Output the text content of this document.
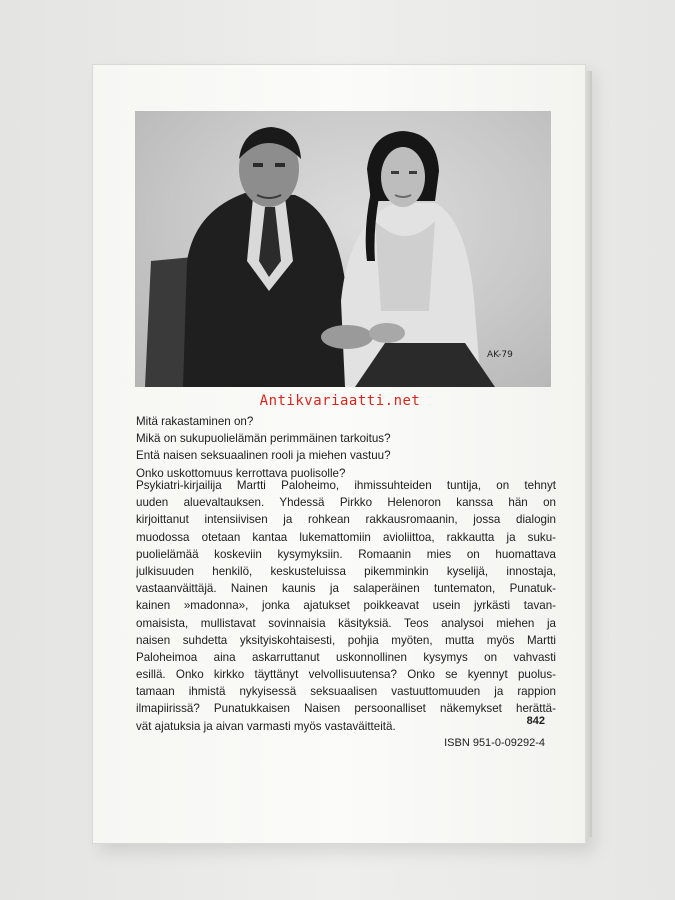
AK-79
Antikvariaatti.net
Mitä rakastaminen on?
Mikä on sukupuolielämän perimmäinen tarkoitus?
Entä naisen seksuaalinen rooli ja miehen vastuu?
Onko uskottomuus kerrottava puolisolle?
Psykiatri-kirjailija Martti Paloheimo, ihmissuhteiden tuntija, on tehnyt
uuden aluevaltauksen. Yhdessä Pirkko Helenoron kanssa hän on
kirjoittanut intensiivisen ja rohkean rakkausromaanin, jossa dialogin
muodossa otetaan kantaa lukemattomiin avioliittoa, rakkautta ja suku-
puolielämää koskeviin kysymyksiin. Romaanin mies on huomattava
julkisuuden henkilö, keskusteluissa pikemminkin kyselijä, innostaja,
vastaanväittäjä. Nainen kaunis ja salaperäinen tuntematon, Punatuk-
kainen »madonna», jonka ajatukset poikkeavat usein jyrkästi tavan-
omaisista, mullistavat sovinnaisia käsityksiä. Teos analysoi miehen ja
naisen suhdetta yksityiskohtaisesti, pohjia myöten, mutta myös Martti
Paloheimoa aina askarruttanut uskonnollinen kysymys on vahvasti
esillä. Onko kirkko täyttänyt velvollisuutensa? Onko se kyennyt puolus-
tamaan ihmistä nykyisessä seksuaalisen vastuuttomuuden ja rappion
ilmapiirissä? Punatukkaisen Naisen persoonalliset näkemykset herättä-
vät ajatuksia ja aivan varmasti myös vastaväitteitä.	842
ISBN 951-0-09292-4
